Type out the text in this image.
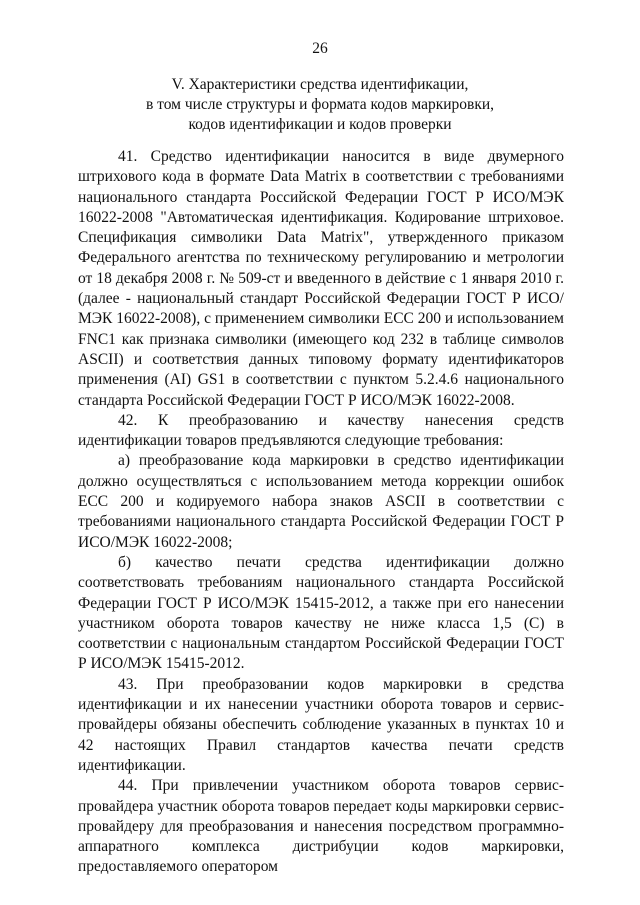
26
V. Характеристики средства идентификации,
в том числе структуры и формата кодов маркировки,
кодов идентификации и кодов проверки

41. Средство идентификации наносится в виде двумерного штрихового кода в формате Data Matrix в соответствии с требованиями национального стандарта Российской Федерации ГОСТ Р ИСО/МЭК 16022-2008 "Автоматическая идентификация. Кодирование штриховое. Спецификация символики Data Matrix", утвержденного приказом Федерального агентства по техническому регулированию и метрологии от 18 декабря 2008 г. № 509-ст и введенного в действие с 1 января 2010 г. (далее - национальный стандарт Российской Федерации ГОСТ Р ИСО/МЭК 16022-2008), с применением символики ЕСС 200 и использованием FNC1 как признака символики (имеющего код 232 в таблице символов ASCII) и соответствия данных типовому формату идентификаторов применения (AI) GS1 в соответствии с пунктом 5.2.4.6 национального стандарта Российской Федерации ГОСТ Р ИСО/МЭК 16022-2008.

42. К преобразованию и качеству нанесения средств идентификации товаров предъявляются следующие требования:

а) преобразование кода маркировки в средство идентификации должно осуществляться с использованием метода коррекции ошибок ЕСС 200 и кодируемого набора знаков ASCII в соответствии с требованиями национального стандарта Российской Федерации ГОСТ Р ИСО/МЭК 16022-2008;

б) качество печати средства идентификации должно соответствовать требованиям национального стандарта Российской Федерации ГОСТ Р ИСО/МЭК 15415-2012, а также при его нанесении участником оборота товаров качеству не ниже класса 1,5 (С) в соответствии с национальным стандартом Российской Федерации ГОСТ Р ИСО/МЭК 15415-2012.

43. При преобразовании кодов маркировки в средства идентификации и их нанесении участники оборота товаров и сервис-провайдеры обязаны обеспечить соблюдение указанных в пунктах 10 и 42 настоящих Правил стандартов качества печати средств идентификации.

44. При привлечении участником оборота товаров сервис-провайдера участник оборота товаров передает коды маркировки сервис-провайдеру для преобразования и нанесения посредством программно-аппаратного комплекса дистрибуции кодов маркировки, предоставляемого оператором
